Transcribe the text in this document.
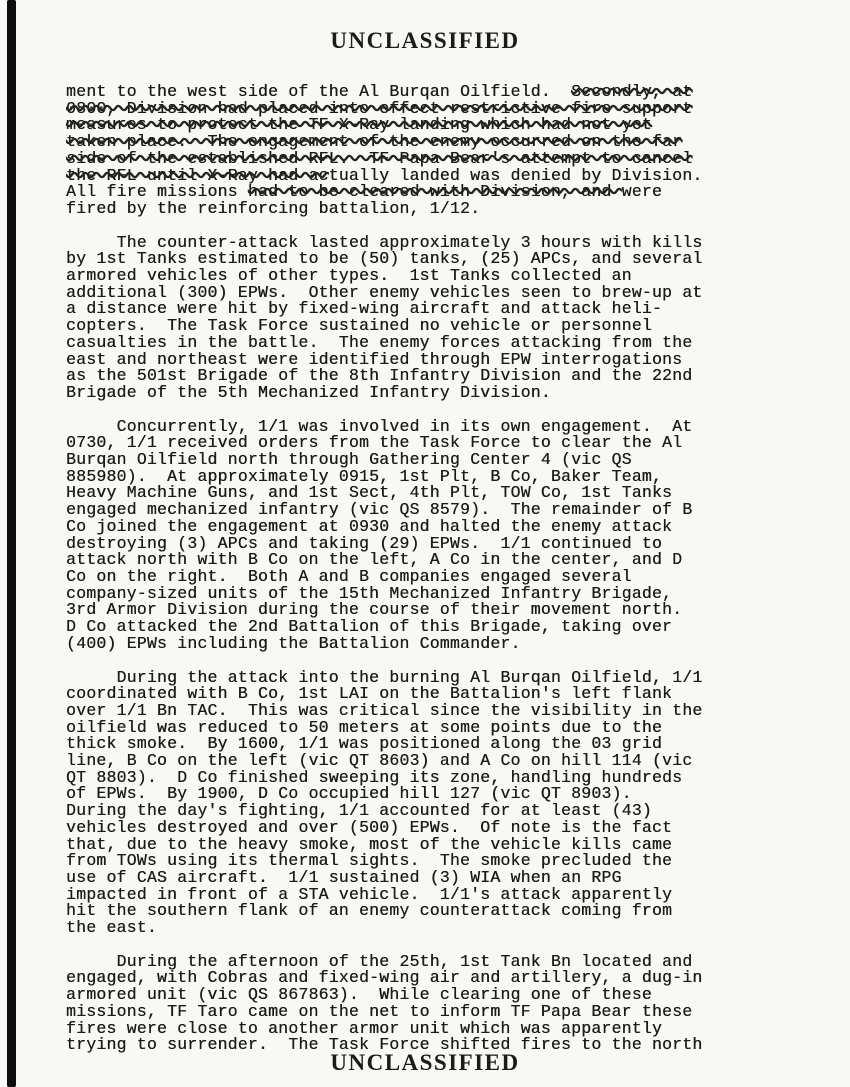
UNCLASSIFIED
ment to the west side of the Al Burqan Oilfield.  Secondly, at
0800, Division had placed into effect restrictive fire support
measures to protect the TF X-Ray landing which had not yet
taken place.  The engagement of the enemy occurred on the far
side of the established RFL.  TF Papa Bear's attempt to cancel
the RFL until X-Ray had actually landed was denied by Division.
All fire missions had to be cleared with Division, and were
fired by the reinforcing battalion, 1/12.
The counter-attack lasted approximately 3 hours with kills
by 1st Tanks estimated to be (50) tanks, (25) APCs, and several
armored vehicles of other types.  1st Tanks collected an
additional (300) EPWs.  Other enemy vehicles seen to brew-up at
a distance were hit by fixed-wing aircraft and attack heli-
copters.  The Task Force sustained no vehicle or personnel
casualties in the battle.  The enemy forces attacking from the
east and northeast were identified through EPW interrogations
as the 501st Brigade of the 8th Infantry Division and the 22nd
Brigade of the 5th Mechanized Infantry Division.
Concurrently, 1/1 was involved in its own engagement.  At
0730, 1/1 received orders from the Task Force to clear the Al
Burqan Oilfield north through Gathering Center 4 (vic QS
885980).  At approximately 0915, 1st Plt, B Co, Baker Team,
Heavy Machine Guns, and 1st Sect, 4th Plt, TOW Co, 1st Tanks
engaged mechanized infantry (vic QS 8579).  The remainder of B
Co joined the engagement at 0930 and halted the enemy attack
destroying (3) APCs and taking (29) EPWs.  1/1 continued to
attack north with B Co on the left, A Co in the center, and D
Co on the right.  Both A and B companies engaged several
company-sized units of the 15th Mechanized Infantry Brigade,
3rd Armor Division during the course of their movement north.
D Co attacked the 2nd Battalion of this Brigade, taking over
(400) EPWs including the Battalion Commander.
During the attack into the burning Al Burqan Oilfield, 1/1
coordinated with B Co, 1st LAI on the Battalion's left flank
over 1/1 Bn TAC.  This was critical since the visibility in the
oilfield was reduced to 50 meters at some points due to the
thick smoke.  By 1600, 1/1 was positioned along the 03 grid
line, B Co on the left (vic QT 8603) and A Co on hill 114 (vic
QT 8803).  D Co finished sweeping its zone, handling hundreds
of EPWs.  By 1900, D Co occupied hill 127 (vic QT 8903).
During the day's fighting, 1/1 accounted for at least (43)
vehicles destroyed and over (500) EPWs.  Of note is the fact
that, due to the heavy smoke, most of the vehicle kills came
from TOWs using its thermal sights.  The smoke precluded the
use of CAS aircraft.  1/1 sustained (3) WIA when an RPG
impacted in front of a STA vehicle.  1/1's attack apparently
hit the southern flank of an enemy counterattack coming from
the east.
During the afternoon of the 25th, 1st Tank Bn located and
engaged, with Cobras and fixed-wing air and artillery, a dug-in
armored unit (vic QS 867863).  While clearing one of these
missions, TF Taro came on the net to inform TF Papa Bear these
fires were close to another armor unit which was apparently
trying to surrender.  The Task Force shifted fires to the north
UNCLASSIFIED
